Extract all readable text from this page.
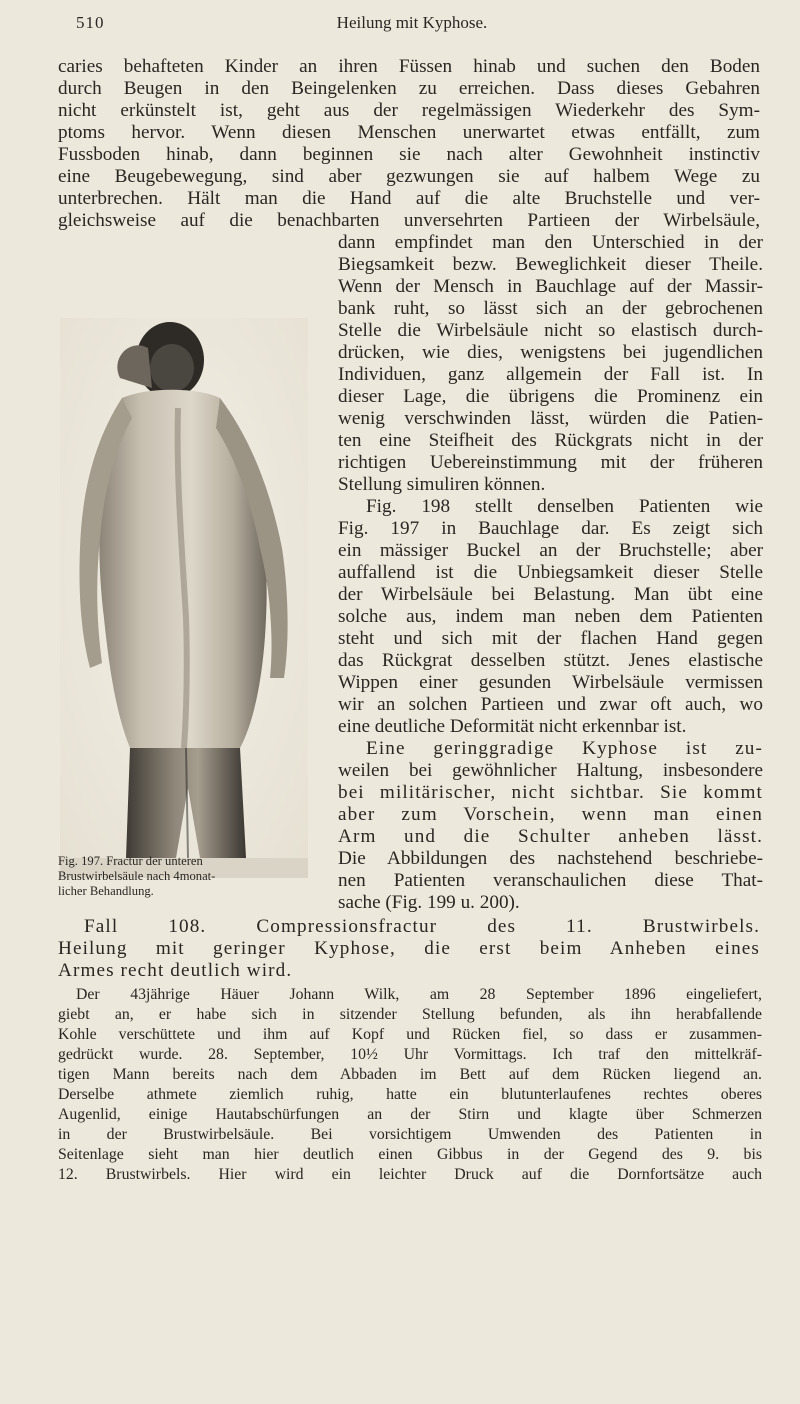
510	Heilung mit Kyphose.
caries behafteten Kinder an ihren Füssen hinab und suchen den Boden
durch Beugen in den Beingelenken zu erreichen. Dass dieses Gebahren
nicht erkünstelt ist, geht aus der regelmässigen Wiederkehr des Sym-
ptoms hervor. Wenn diesen Menschen unerwartet etwas entfällt, zum
Fussboden hinab, dann beginnen sie nach alter Gewohnheit instinctiv
eine Beugebewegung, sind aber gezwungen sie auf halbem Wege zu
unterbrechen. Hält man die Hand auf die alte Bruchstelle und ver-
gleichsweise auf die benachbarten unversehrten Partieen der Wirbelsäule,
dann empfindet man den Unterschied in der
Biegsamkeit bezw. Beweglichkeit dieser Theile.
Wenn der Mensch in Bauchlage auf der Massir-
bank ruht, so lässt sich an der gebrochenen
Stelle die Wirbelsäule nicht so elastisch durch-
drücken, wie dies, wenigstens bei jugendlichen
Individuen, ganz allgemein der Fall ist. In
dieser Lage, die übrigens die Prominenz ein
wenig verschwinden lässt, würden die Patien-
ten eine Steifheit des Rückgrats nicht in der
richtigen Uebereinstimmung mit der früheren
Stellung simuliren können.
Fig. 198 stellt denselben Patienten wie
Fig. 197 in Bauchlage dar. Es zeigt sich
ein mässiger Buckel an der Bruchstelle; aber
auffallend ist die Unbiegsamkeit dieser Stelle
der Wirbelsäule bei Belastung. Man übt eine
solche aus, indem man neben dem Patienten
steht und sich mit der flachen Hand gegen
das Rückgrat desselben stützt. Jenes elastische
Wippen einer gesunden Wirbelsäule vermissen
wir an solchen Partieen und zwar oft auch, wo
eine deutliche Deformität nicht erkennbar ist.
Eine geringgradige Kyphose ist zu-
weilen bei gewöhnlicher Haltung, insbesondere
bei militärischer, nicht sichtbar. Sie kommt
aber zum Vorschein, wenn man einen
Arm und die Schulter anheben lässt.
Die Abbildungen des nachstehend beschriebe-
nen Patienten veranschaulichen diese That-
sache (Fig. 199 u. 200).
Fig. 197. Fractur der unteren
Brustwirbelsäule nach 4monat-
licher Behandlung.
Fall 108. Compressionsfractur des 11. Brustwirbels.
Heilung mit geringer Kyphose, die erst beim Anheben eines
Armes recht deutlich wird.
Der 43jährige Häuer Johann Wilk, am 28 September 1896 eingeliefert,
giebt an, er habe sich in sitzender Stellung befunden, als ihn herabfallende
Kohle verschüttete und ihm auf Kopf und Rücken fiel, so dass er zusammen-
gedrückt wurde. 28. September, 10½ Uhr Vormittags. Ich traf den mittelkräf-
tigen Mann bereits nach dem Abbaden im Bett auf dem Rücken liegend an.
Derselbe athmete ziemlich ruhig, hatte ein blutunterlaufenes rechtes oberes
Augenlid, einige Hautabschürfungen an der Stirn und klagte über Schmerzen
in der Brustwirbelsäule. Bei vorsichtigem Umwenden des Patienten in
Seitenlage sieht man hier deutlich einen Gibbus in der Gegend des 9. bis
12. Brustwirbels. Hier wird ein leichter Druck auf die Dornfortsätze auch
